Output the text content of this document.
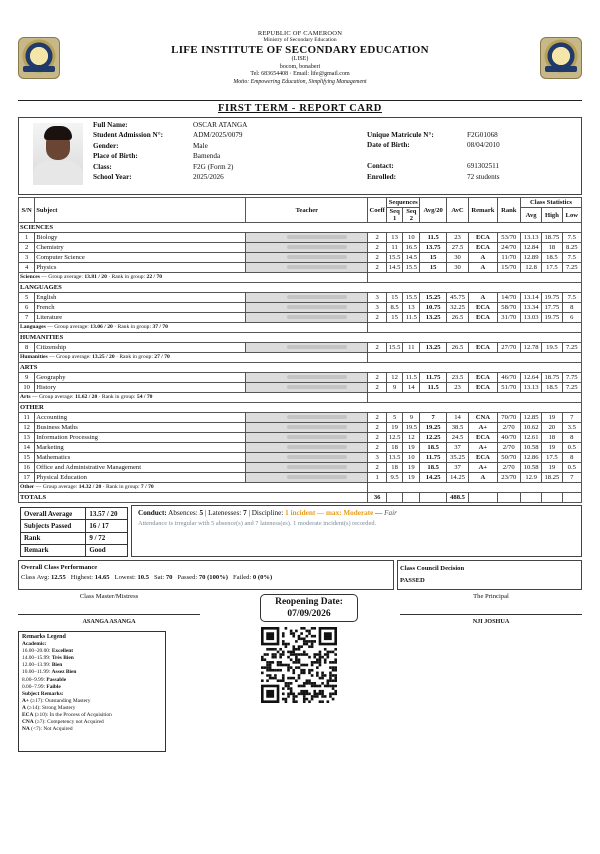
REPUBLIC OF CAMEROON
Ministry of Secondary Education
LIFE INSTITUTE OF SECONDARY EDUCATION
(LISE)
bocom, bonaberi
Tel: 683654408 · Email: life@gmail.com
Motto: Empowering Education, Simplifying Management
FIRST TERM - REPORT CARD
Full Name:	OSCAR ATANGA
Student Admission N°:	ADM/2025/0079
Gender:	Male
Place of Birth:	Bamenda
Class:	F2G (Form 2)
School Year:	2025/2026
Unique Matricule N°:	F2G01068
Date of Birth:	08/04/2010

Contact:	691302511
Enrolled:	72 students
S/N	Subject	Teacher	Coeff	Sequences		Avg/20	AvC	Remark	Rank	Class Statistics		
				Seq 1	Seq 2					Avg	High	Low
SCIENCES												
1	Biology		2	13	10	11.5	23	ECA	53/70	13.13	18.75	7.5
2	Chemistry		2	11	16.5	13.75	27.5	ECA	24/70	12.84	18	8.25
3	Computer Science		2	15.5	14.5	15	30	A	11/70	12.89	18.5	7.5
4	Physics		2	14.5	15.5	15	30	A	15/70	12.8	17.5	7.25
Sciences — Group average: 13.81 / 20 · Rank in group: 22 / 70												
LANGUAGES												
5	English		3	15	15.5	15.25	45.75	A	14/70	13.14	19.75	7.5
6	French		3	8.5	13	10.75	32.25	ECA	58/70	13.34	17.75	8
7	Literature		2	15	11.5	13.25	26.5	ECA	31/70	13.03	19.75	6
Languages — Group average: 13.06 / 20 · Rank in group: 37 / 70												
HUMANITIES												
8	Citizenship		2	15.5	11	13.25	26.5	ECA	27/70	12.78	19.5	7.25
Humanities — Group average: 13.25 / 20 · Rank in group: 27 / 70												
ARTS												
9	Geography		2	12	11.5	11.75	23.5	ECA	46/70	12.64	18.75	7.75
10	History		2	9	14	11.5	23	ECA	51/70	13.13	18.5	7.25
Arts — Group average: 11.62 / 20 · Rank in group: 54 / 70												
OTHER												
11	Accounting		2	5	9	7	14	CNA	70/70	12.85	19	7
12	Business Maths		2	19	19.5	19.25	38.5	A+	2/70	10.62	20	3.5
13	Information Processing		2	12.5	12	12.25	24.5	ECA	40/70	12.61	18	8
14	Marketing		2	18	19	18.5	37	A+	2/70	10.58	19	0.5
15	Mathematics		3	13.5	10	11.75	35.25	ECA	50/70	12.86	17.5	8
16	Office and Administrative Management		2	18	19	18.5	37	A+	2/70	10.58	19	0.5
17	Physical Education		1	9.5	19	14.25	14.25	A	23/70	12.9	18.25	7
Other — Group average: 14.32 / 20 · Rank in group: 7 / 70												
TOTALS			36				488.5					
Overall Average	13.57 / 20
Subjects Passed	16 / 17
Rank	9 / 72
Remark	Good
Conduct: Absences: 5 | Latenesses: 7 | Discipline: 1 incident — max: Moderate — Fair
Attendance is irregular with 5 absence(s) and 7 lateness(es). 1 moderate incident(s) recorded.
Overall Class Performance
Class Avg: 12.55 Highest: 14.65 Lowest: 10.5 Sat: 70 Passed: 70 (100%) Failed: 0 (0%)
Class Council Decision
PASSED
Class Master/Mistress
ASANGA ASANGA
The Principal
NJI JOSHUA
Reopening Date:
07/09/2026
Remarks Legend
Academic:
16.00–20.00: Excellent
14.00–15.99: Très Bien
12.00–13.99: Bien
10.00–11.99: Assez Bien
8.00–9.99: Passable
0.00–7.99: Faible
Subject Remarks:
A+ (≥17): Outstanding Mastery
A (≥14): Strong Mastery
ECA (≥10): In the Process of Acquisition
CNA (≥7): Competency not Acquired
NA (<7): Not Acquired
